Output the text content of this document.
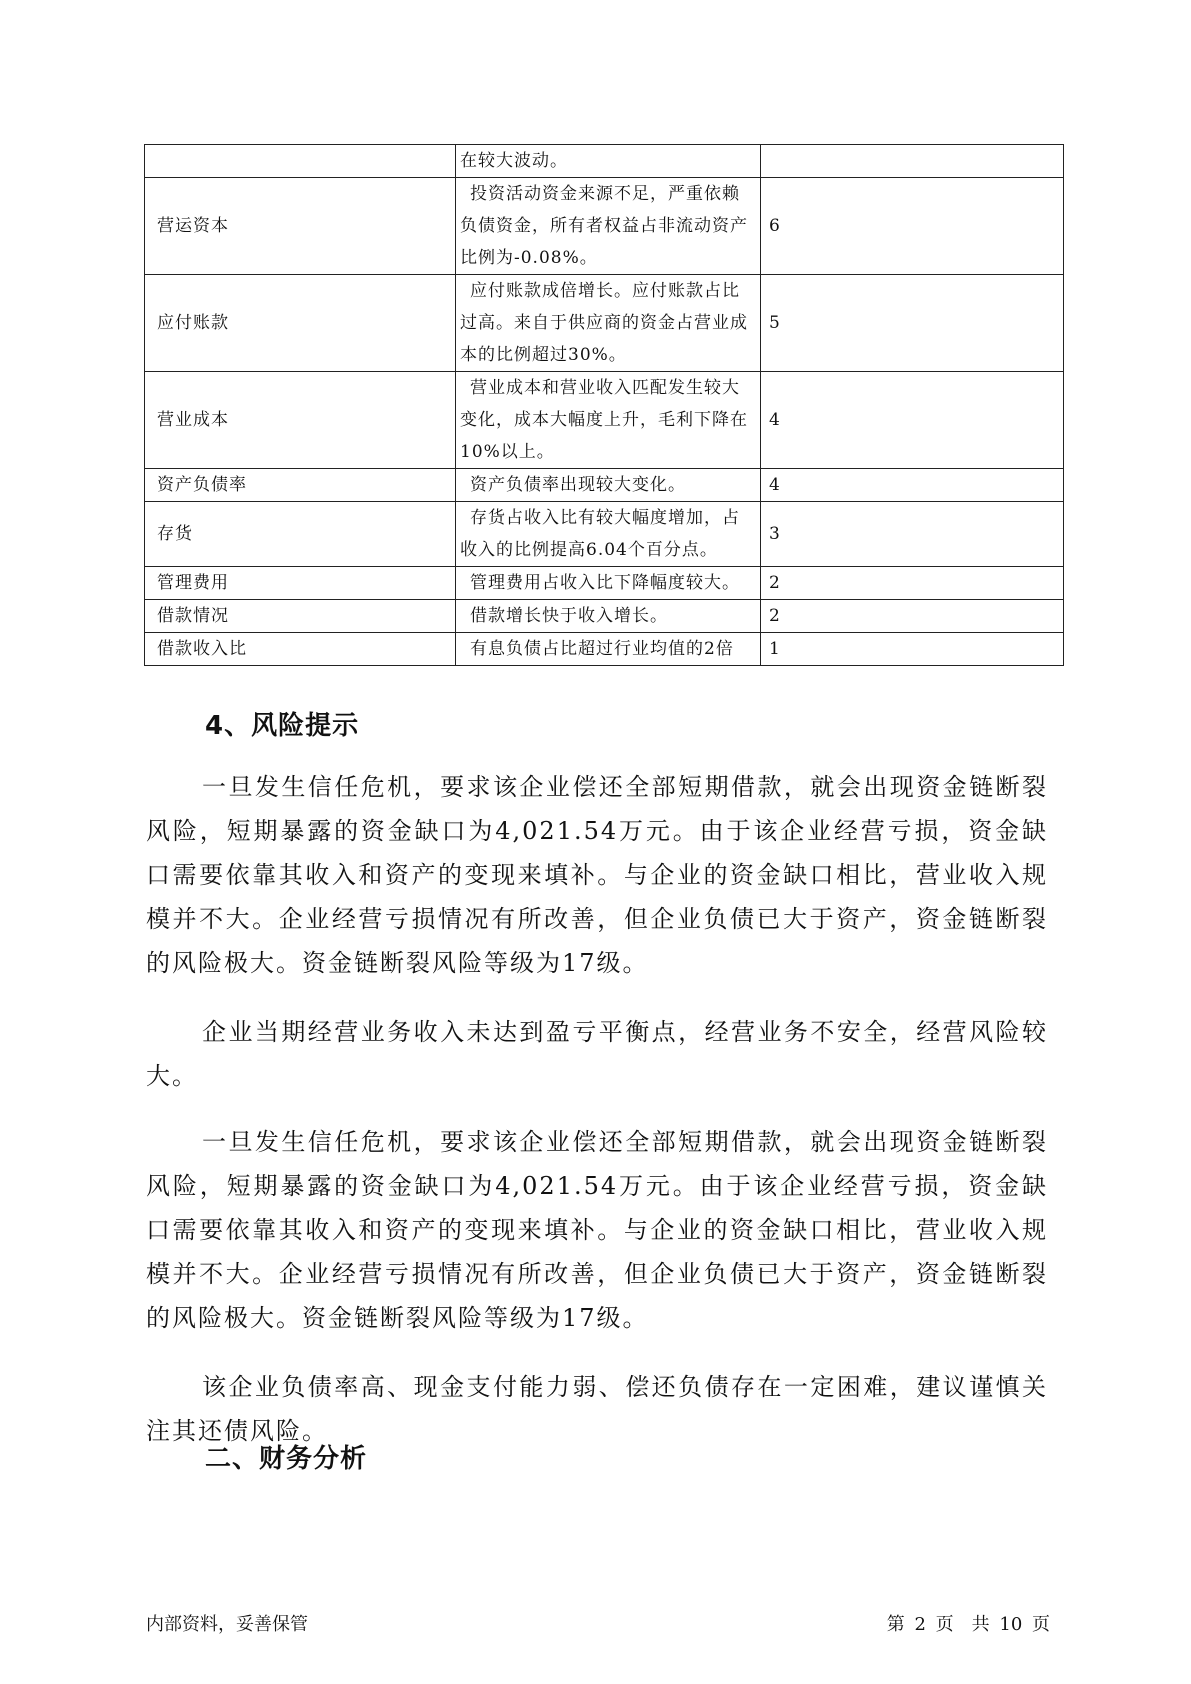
	在较大波动。	

营运资本	投资活动资金来源不足，严重依赖负债资金，所有者权益占非流动资产比例为-0.08%。	6
应付账款	应付账款成倍增长。应付账款占比过高。来自于供应商的资金占营业成本的比例超过30%。	5
营业成本	营业成本和营业收入匹配发生较大变化，成本大幅度上升，毛利下降在10%以上。	4
资产负债率	资产负债率出现较大变化。	4
存货	存货占收入比有较大幅度增加，占收入的比例提高6.04个百分点。	3
管理费用	管理费用占收入比下降幅度较大。	2
借款情况	借款增长快于收入增长。	2
借款收入比	有息负债占比超过行业均值的2倍	1
4、风险提示

一旦发生信任危机，要求该企业偿还全部短期借款，就会出现资金链断裂风险，短期暴露的资金缺口为4,021.54万元。由于该企业经营亏损，资金缺口需要依靠其收入和资产的变现来填补。与企业的资金缺口相比，营业收入规模并不大。企业经营亏损情况有所改善，但企业负债已大于资产，资金链断裂的风险极大。资金链断裂风险等级为17级。

企业当期经营业务收入未达到盈亏平衡点，经营业务不安全，经营风险较大。

一旦发生信任危机，要求该企业偿还全部短期借款，就会出现资金链断裂风险，短期暴露的资金缺口为4,021.54万元。由于该企业经营亏损，资金缺口需要依靠其收入和资产的变现来填补。与企业的资金缺口相比，营业收入规模并不大。企业经营亏损情况有所改善，但企业负债已大于资产，资金链断裂的风险极大。资金链断裂风险等级为17级。

该企业负债率高、现金支付能力弱、偿还负债存在一定困难，建议谨慎关注其还债风险。

二、财务分析
内部资料，妥善保管	第 2 页　共 10 页
